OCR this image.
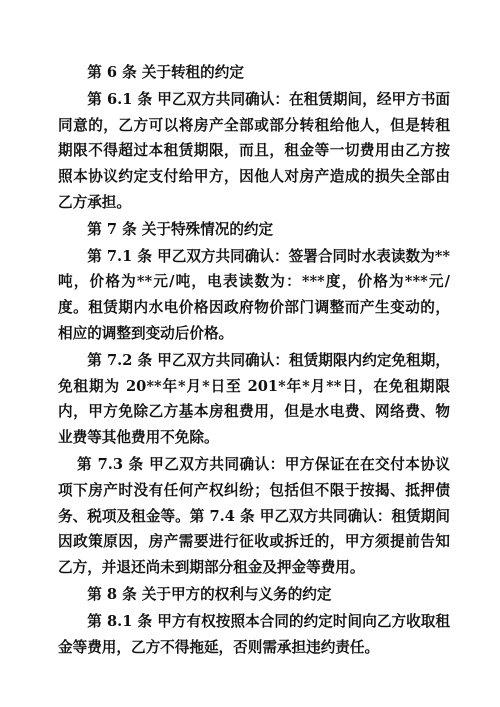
第 6 条 关于转租的约定

第 6.1 条 甲乙双方共同确认：在租赁期间，经甲方书面同意的，乙方可以将房产全部或部分转租给他人，但是转租期限不得超过本租赁期限，而且，租金等一切费用由乙方按照本协议约定支付给甲方，因他人对房产造成的损失全部由乙方承担。

第 7 条 关于特殊情况的约定

第 7.1 条 甲乙双方共同确认：签署合同时水表读数为**吨，价格为**元/吨，电表读数为：***度，价格为***元/度。租赁期内水电价格因政府物价部门调整而产生变动的，相应的调整到变动后价格。

第 7.2 条 甲乙双方共同确认：租赁期限内约定免租期，免租期为 20**年*月*日至 201*年*月**日，在免租期限内，甲方免除乙方基本房租费用，但是水电费、网络费、物业费等其他费用不免除。

第 7.3 条 甲乙双方共同确认：甲方保证在在交付本协议项下房产时没有任何产权纠纷；包括但不限于按揭、抵押债务、税项及租金等。第 7.4 条 甲乙双方共同确认：租赁期间因政策原因，房产需要进行征收或拆迁的，甲方须提前告知乙方，并退还尚未到期部分租金及押金等费用。

第 8 条 关于甲方的权利与义务的约定

第 8.1 条 甲方有权按照本合同的约定时间向乙方收取租金等费用，乙方不得拖延，否则需承担违约责任。
